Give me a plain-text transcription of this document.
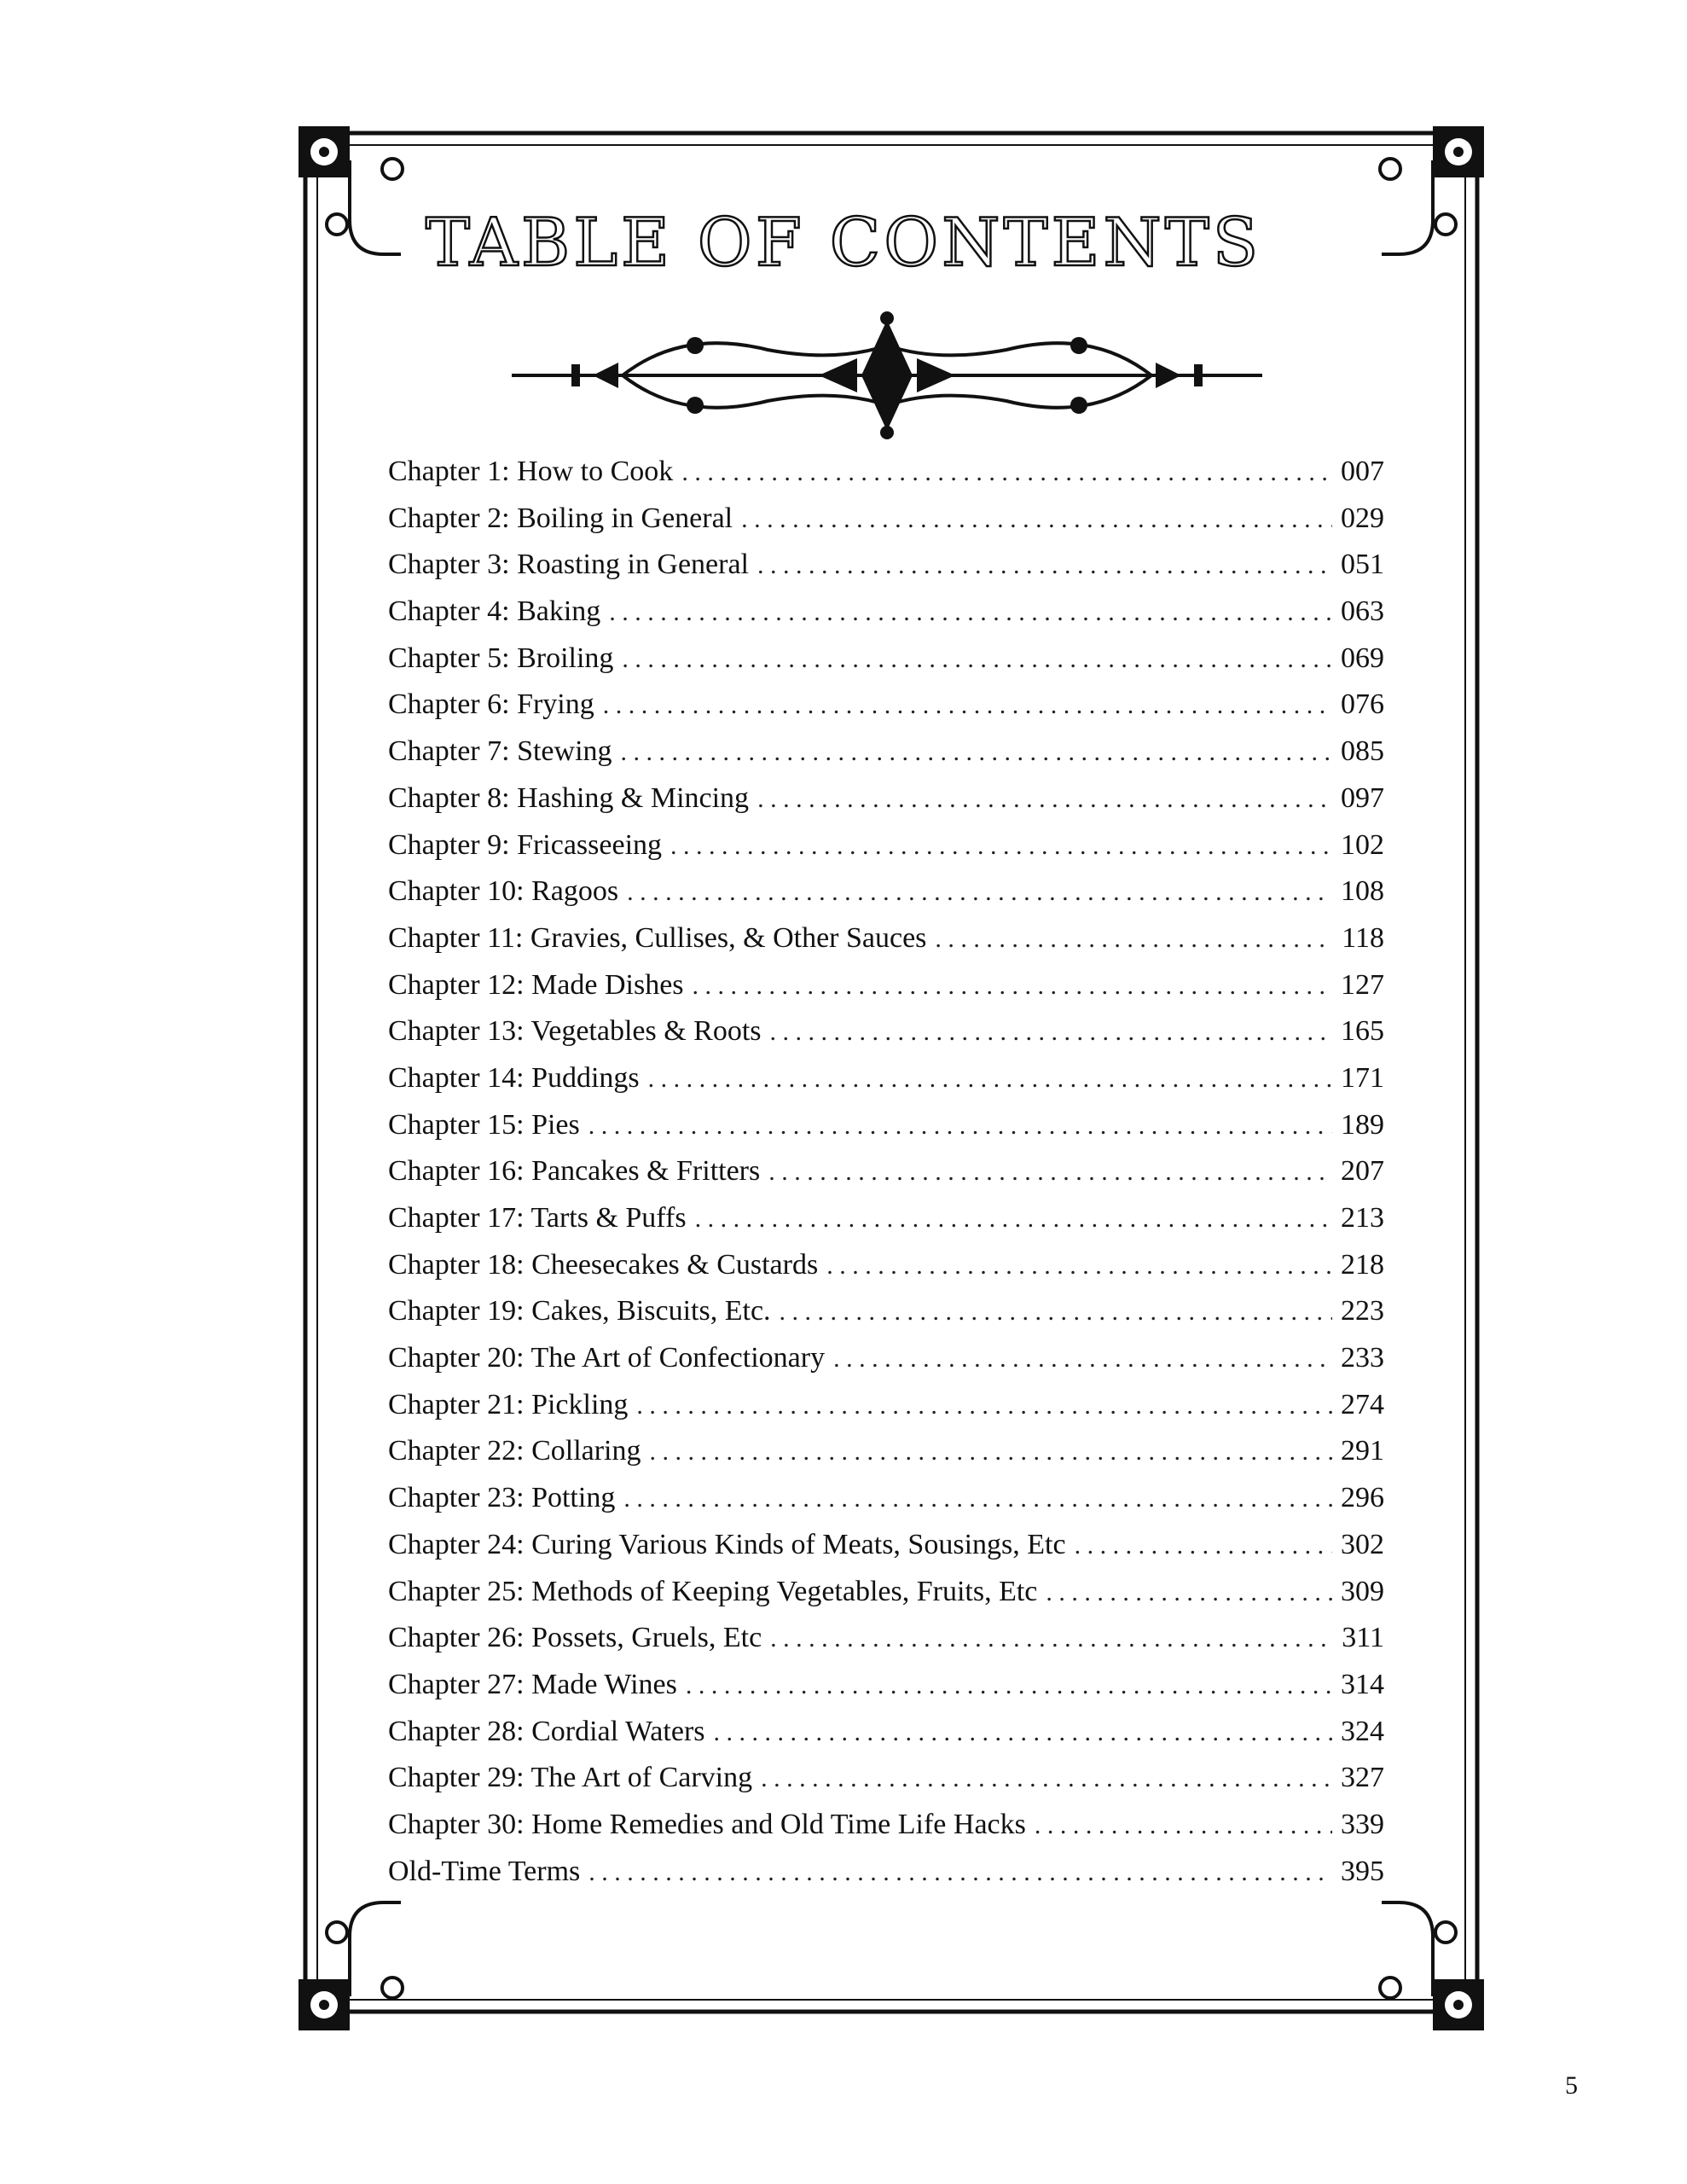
TABLE OF CONTENTS
Chapter 1: How to Cook . . .	007
Chapter 2: Boiling in General . . .	029
Chapter 3: Roasting in General . . .	051
Chapter 4: Baking . . .	063
Chapter 5: Broiling . . .	069
Chapter 6: Frying . . .	076
Chapter 7: Stewing . . .	085
Chapter 8: Hashing & Mincing . . .	097
Chapter 9: Fricasseeing . . .	102
Chapter 10: Ragoos . . .	108
Chapter 11: Gravies, Cullises, & Other Sauces . . .	118
Chapter 12: Made Dishes . . .	127
Chapter 13: Vegetables & Roots . . .	165
Chapter 14: Puddings . . .	171
Chapter 15: Pies . . .	189
Chapter 16: Pancakes & Fritters . . .	207
Chapter 17: Tarts & Puffs . . .	213
Chapter 18: Cheesecakes & Custards . . .	218
Chapter 19: Cakes, Biscuits, Etc. . . .	223
Chapter 20: The Art of Confectionary . . .	233
Chapter 21: Pickling . . .	274
Chapter 22: Collaring . . .	291
Chapter 23: Potting . . .	296
Chapter 24: Curing Various Kinds of Meats, Sousings, Etc . . .	302
Chapter 25: Methods of Keeping Vegetables, Fruits, Etc . . .	309
Chapter 26: Possets, Gruels, Etc . . .	311
Chapter 27: Made Wines . . .	314
Chapter 28: Cordial Waters . . .	324
Chapter 29: The Art of Carving . . .	327
Chapter 30: Home Remedies and Old Time Life Hacks . . .	339
Old-Time Terms . . .	395
5
